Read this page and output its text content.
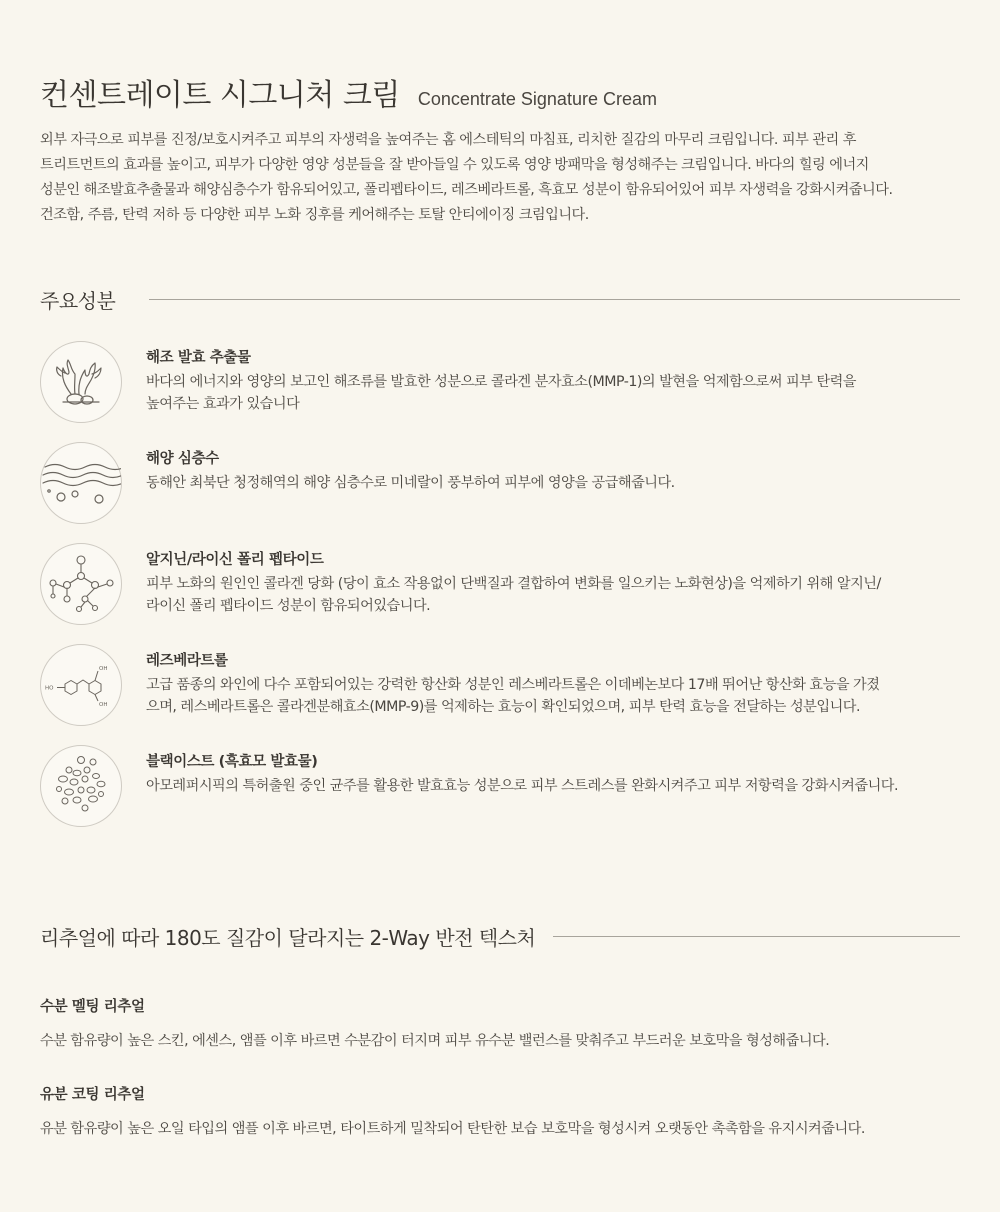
컨센트레이트 시그니처 크림 Concentrate Signature Cream
외부 자극으로 피부를 진정/보호시켜주고 피부의 자생력을 높여주는 홈 에스테틱의 마침표, 리치한 질감의 마무리 크림입니다. 피부 관리 후
트리트먼트의 효과를 높이고, 피부가 다양한 영양 성분들을 잘 받아들일 수 있도록 영양 방패막을 형성해주는 크림입니다. 바다의 힐링 에너지
성분인 해조발효추출물과 해양심층수가 함유되어있고, 폴리펩타이드, 레즈베라트롤, 흑효모 성분이 함유되어있어 피부 자생력을 강화시켜줍니다.
건조함, 주름, 탄력 저하 등 다양한 피부 노화 징후를 케어해주는 토탈 안티에이징 크림입니다.
주요성분
해조 발효 추출물
바다의 에너지와 영양의 보고인 해조류를 발효한 성분으로 콜라겐 분자효소(MMP-1)의 발현을 억제함으로써 피부 탄력을
높여주는 효과가 있습니다
해양 심층수
동해안 최북단 청정해역의 해양 심층수로 미네랄이 풍부하여 피부에 영양을 공급해줍니다.
알지닌/라이신 폴리 펩타이드
피부 노화의 원인인 콜라겐 당화 (당이 효소 작용없이 단백질과 결합하여 변화를 일으키는 노화현상)을 억제하기 위해 알지닌/
라이신 폴리 펩타이드 성분이 함유되어있습니다.
OH
HO
OH
레즈베라트롤
고급 품종의 와인에 다수 포함되어있는 강력한 항산화 성분인 레스베라트롤은 이데베논보다 17배 뛰어난 항산화 효능을 가졌
으며, 레스베라트롤은 콜라겐분해효소(MMP-9)를 억제하는 효능이 확인되었으며, 피부 탄력 효능을 전달하는 성분입니다.
블랙이스트 (흑효모 발효물)
아모레퍼시픽의 특허출원 중인 균주를 활용한 발효효능 성분으로 피부 스트레스를 완화시켜주고 피부 저항력을 강화시켜줍니다.
리추얼에 따라 180도 질감이 달라지는 2-Way 반전 텍스처
수분 멜팅 리추얼
수분 함유량이 높은 스킨, 에센스, 앰플 이후 바르면 수분감이 터지며 피부 유수분 밸런스를 맞춰주고 부드러운 보호막을 형성해줍니다.
유분 코팅 리추얼
유분 함유량이 높은 오일 타입의 앰플 이후 바르면, 타이트하게 밀착되어 탄탄한 보습 보호막을 형성시켜 오랫동안 촉촉함을 유지시켜줍니다.
